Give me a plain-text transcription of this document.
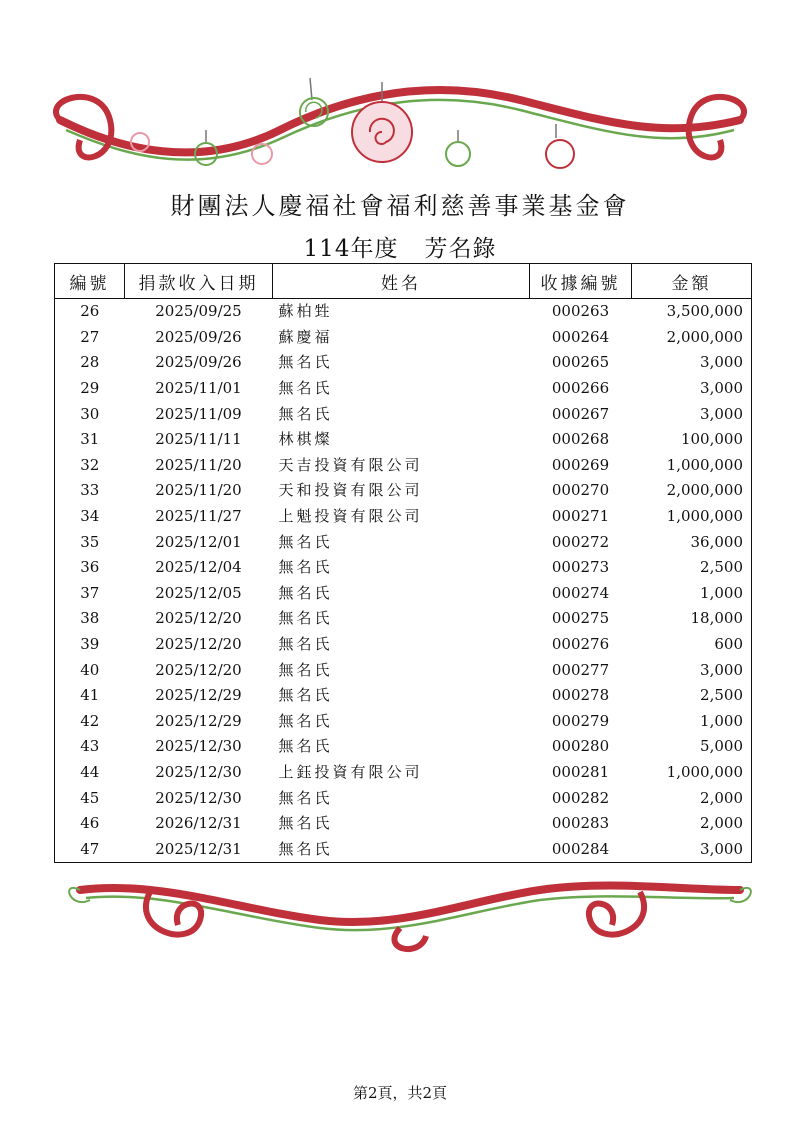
財團法人慶福社會福利慈善事業基金會
114年度 芳名錄
編號	捐款收入日期	姓名	收據編號	金額
26	2025/09/25	蘇柏甡	000263	3,500,000
27	2025/09/26	蘇慶福	000264	2,000,000
28	2025/09/26	無名氏	000265	3,000
29	2025/11/01	無名氏	000266	3,000
30	2025/11/09	無名氏	000267	3,000
31	2025/11/11	林棋燦	000268	100,000
32	2025/11/20	天吉投資有限公司	000269	1,000,000
33	2025/11/20	天和投資有限公司	000270	2,000,000
34	2025/11/27	上魁投資有限公司	000271	1,000,000
35	2025/12/01	無名氏	000272	36,000
36	2025/12/04	無名氏	000273	2,500
37	2025/12/05	無名氏	000274	1,000
38	2025/12/20	無名氏	000275	18,000
39	2025/12/20	無名氏	000276	600
40	2025/12/20	無名氏	000277	3,000
41	2025/12/29	無名氏	000278	2,500
42	2025/12/29	無名氏	000279	1,000
43	2025/12/30	無名氏	000280	5,000
44	2025/12/30	上鈺投資有限公司	000281	1,000,000
45	2025/12/30	無名氏	000282	2,000
46	2026/12/31	無名氏	000283	2,000
47	2025/12/31	無名氏	000284	3,000
第2頁，共2頁
